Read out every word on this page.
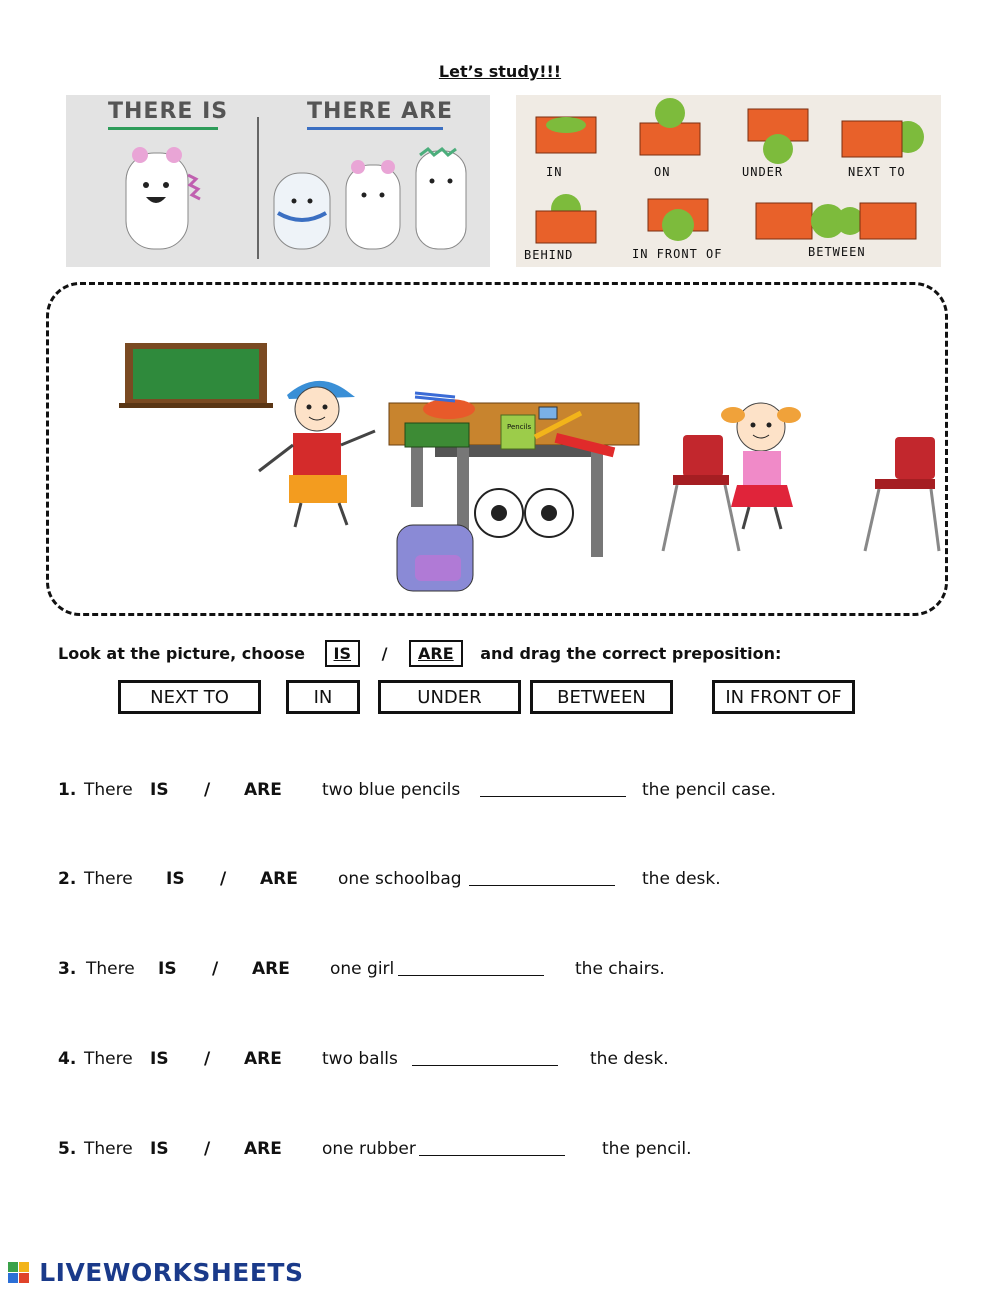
Let’s study!!!
THERE IS	THERE ARE
IN	ON	UNDER	NEXT TO
BEHIND	IN FRONT OF	BETWEEN
Pencils
Look at the picture, choose IS / ARE and drag the correct preposition:
NEXT TO	IN	UNDER	BETWEEN	IN FRONT OF
1. There IS / ARE two blue pencils	the pencil case.
2. There IS / ARE one schoolbag	the desk.
3. There IS / ARE one girl	the chairs.
4. There IS / ARE two balls	the desk.
5. There IS / ARE one rubber	the pencil.
LIVEWORKSHEETS
